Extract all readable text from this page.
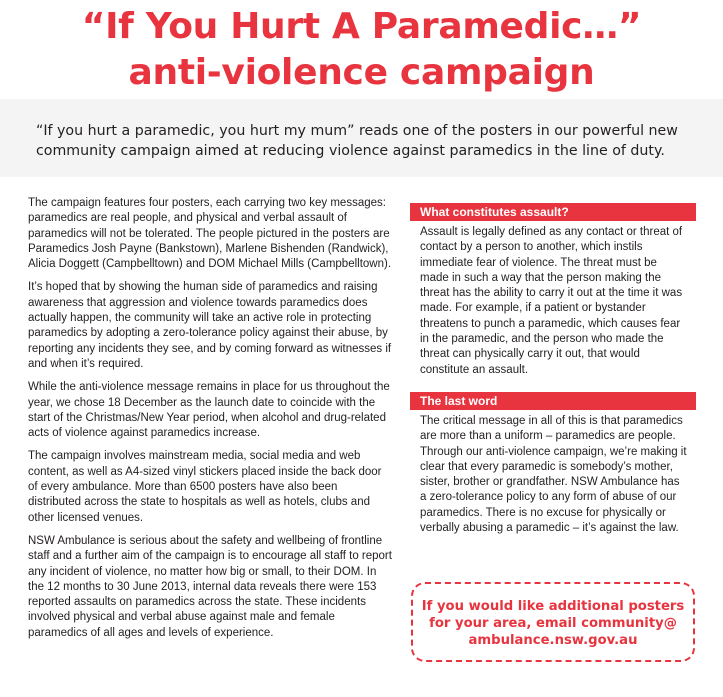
“If You Hurt A Paramedic…”
anti-violence campaign
“If you hurt a paramedic, you hurt my mum” reads one of the posters in our powerful new
community campaign aimed at reducing violence against paramedics in the line of duty.

The campaign features four posters, each carrying two key messages: paramedics are real people, and physical and verbal assault of paramedics will not be tolerated. The people pictured in the posters are Paramedics Josh Payne (Bankstown), Marlene Bishenden (Randwick), Alicia Doggett (Campbelltown) and DOM Michael Mills (Campbelltown).

It’s hoped that by showing the human side of paramedics and raising awareness that aggression and violence towards paramedics does actually happen, the community will take an active role in protecting paramedics by adopting a zero-tolerance policy against their abuse, by reporting any incidents they see, and by coming forward as witnesses if and when it’s required.

While the anti-violence message remains in place for us throughout the year, we chose 18 December as the launch date to coincide with the start of the Christmas/New Year period, when alcohol and drug-related acts of violence against paramedics increase.

The campaign involves mainstream media, social media and web content, as well as A4-sized vinyl stickers placed inside the back door of every ambulance. More than 6500 posters have also been distributed across the state to hospitals as well as hotels, clubs and other licensed venues.

NSW Ambulance is serious about the safety and wellbeing of frontline staff and a further aim of the campaign is to encourage all staff to report any incident of violence, no matter how big or small, to their DOM. In the 12 months to 30 June 2013, internal data reveals there were 153 reported assaults on paramedics across the state. These incidents involved physical and verbal abuse against male and female paramedics of all ages and levels of experience.

What constitutes assault?
Assault is legally defined as any contact or threat of contact by a person to another, which instils immediate fear of violence. The threat must be made in such a way that the person making the threat has the ability to carry it out at the time it was made. For example, if a patient or bystander threatens to punch a paramedic, which causes fear in the paramedic, and the person who made the threat can physically carry it out, that would constitute an assault.
The last word
The critical message in all of this is that paramedics are more than a uniform – paramedics are people. Through our anti-violence campaign, we’re making it clear that every paramedic is somebody’s mother, sister, brother or grandfather. NSW Ambulance has a zero-tolerance policy to any form of abuse of our paramedics. There is no excuse for physically or verbally abusing a paramedic – it’s against the law.
If you would like additional posters
for your area, email community@
ambulance.nsw.gov.au
